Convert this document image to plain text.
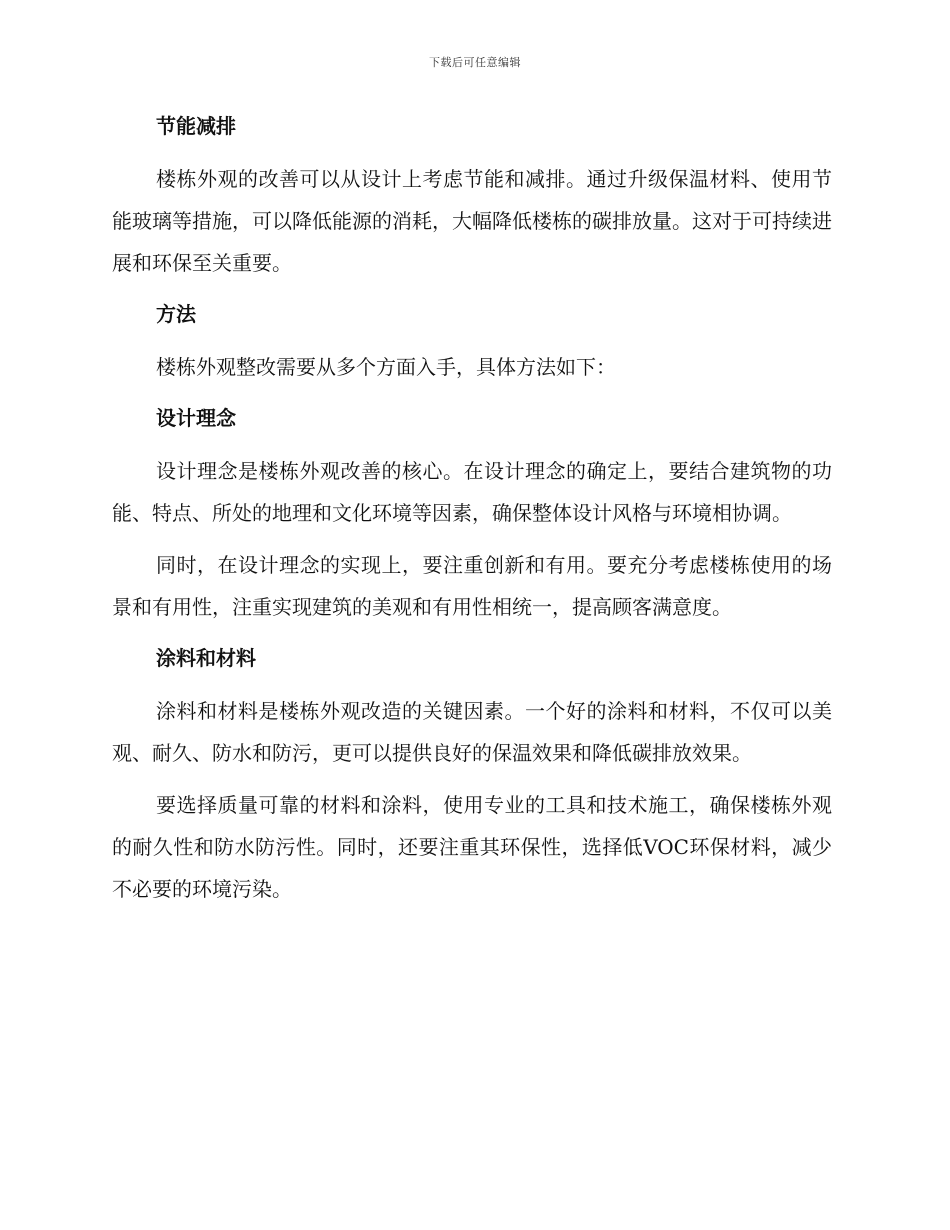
下载后可任意编辑
节能减排

楼栋外观的改善可以从设计上考虑节能和减排。通过升级保温材料、使用节能玻璃等措施，可以降低能源的消耗，大幅降低楼栋的碳排放量。这对于可持续进展和环保至关重要。

方法

楼栋外观整改需要从多个方面入手，具体方法如下：

设计理念

设计理念是楼栋外观改善的核心。在设计理念的确定上，要结合建筑物的功能、特点、所处的地理和文化环境等因素，确保整体设计风格与环境相协调。

同时，在设计理念的实现上，要注重创新和有用。要充分考虑楼栋使用的场景和有用性，注重实现建筑的美观和有用性相统一，提高顾客满意度。

涂料和材料

涂料和材料是楼栋外观改造的关键因素。一个好的涂料和材料，不仅可以美观、耐久、防水和防污，更可以提供良好的保温效果和降低碳排放效果。

要选择质量可靠的材料和涂料，使用专业的工具和技术施工，确保楼栋外观的耐久性和防水防污性。同时，还要注重其环保性，选择低VOC环保材料，减少不必要的环境污染。
